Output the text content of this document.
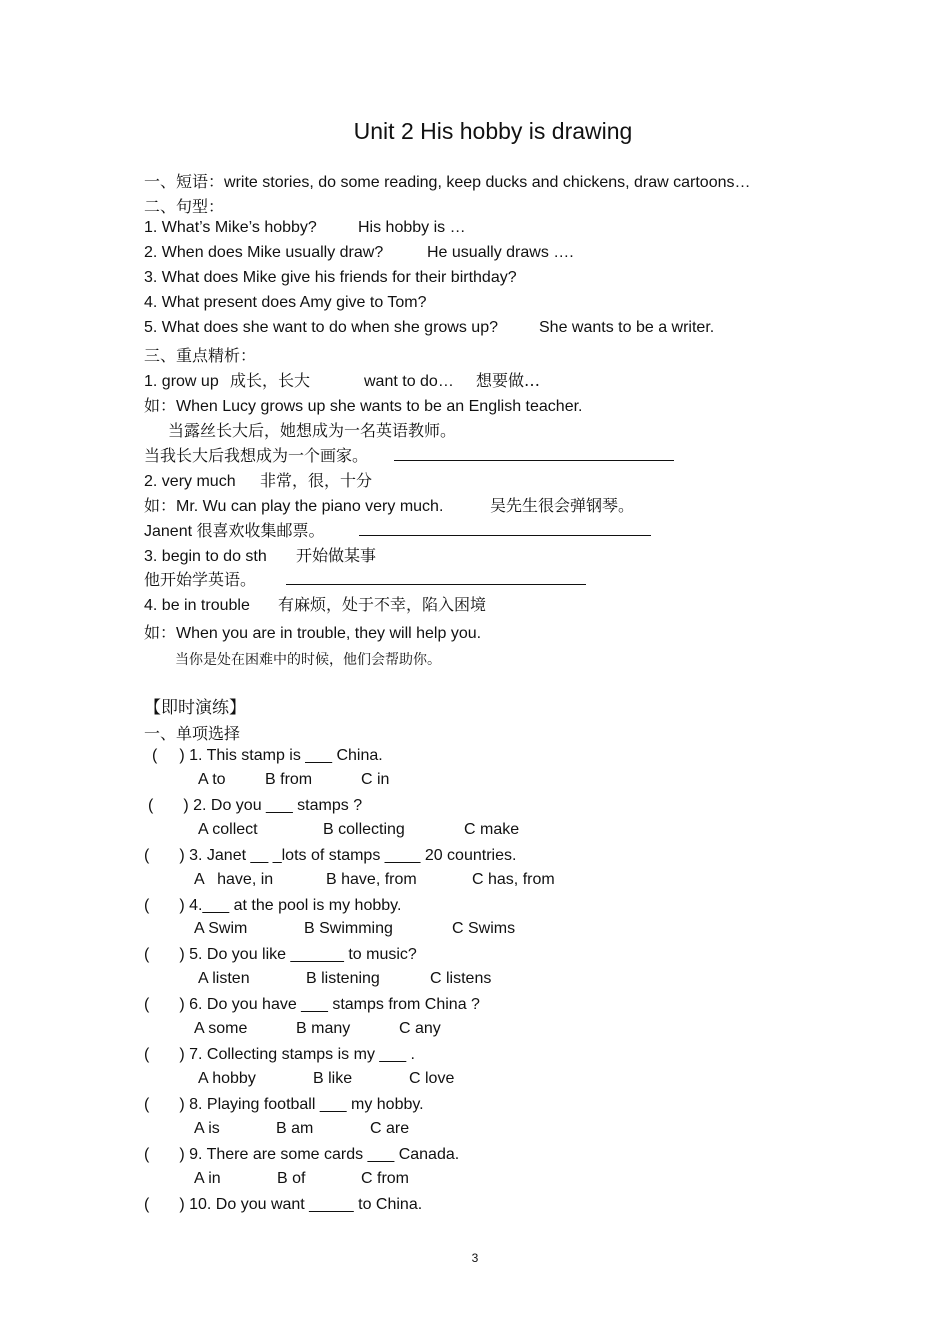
Unit 2 His hobby is drawing
一、短语：write stories, do some reading, keep ducks and chickens, draw cartoons…
二、句型：
1. What’s Mike’s hobby?	His hobby is …
2. When does Mike usually draw?	He usually draws ….
3. What does Mike give his friends for their birthday?
4. What present does Amy give to Tom?
5. What does she want to do when she grows up?	She wants to be a writer.
三、重点精析：
1. grow up 成长，长大	want to do… 想要做…
如：When Lucy grows up she wants to be an English teacher.
当露丝长大后，她想成为一名英语教师。
当我长大后我想成为一个画家。
2. very much 非常，很，十分
如：Mr. Wu can play the piano very much.	吴先生很会弹钢琴。
Janent 很喜欢收集邮票。
3. begin to do sth 开始做某事
他开始学英语。
4. be in trouble 有麻烦，处于不幸，陷入困境
如：When you are in trouble, they will help you.
当你是处在困难中的时候，他们会帮助你。
【即时演练】
一、单项选择
( ) 1. This stamp is ___ China.
A to B from	C in
( ) 2. Do you ___ stamps ?
A collect	B collecting	C make
( ) 3. Janet __ _lots of stamps ____ 20 countries.
A   have, in	B have, from	C has, from
( ) 4.___ at the pool is my hobby.
A Swim	B Swimming	C Swims
( ) 5. Do you like ______ to music?
A listen	B listening	C listens
( ) 6. Do you have ___ stamps from China ?
A some	B many	C any
( ) 7. Collecting stamps is my ___ .
A hobby	B like	C love
( ) 8. Playing football ___ my hobby.
A is	B am	C are
( ) 9. There are some cards ___ Canada.
A in	B of	C from
( ) 10. Do you want _____ to China.
3
